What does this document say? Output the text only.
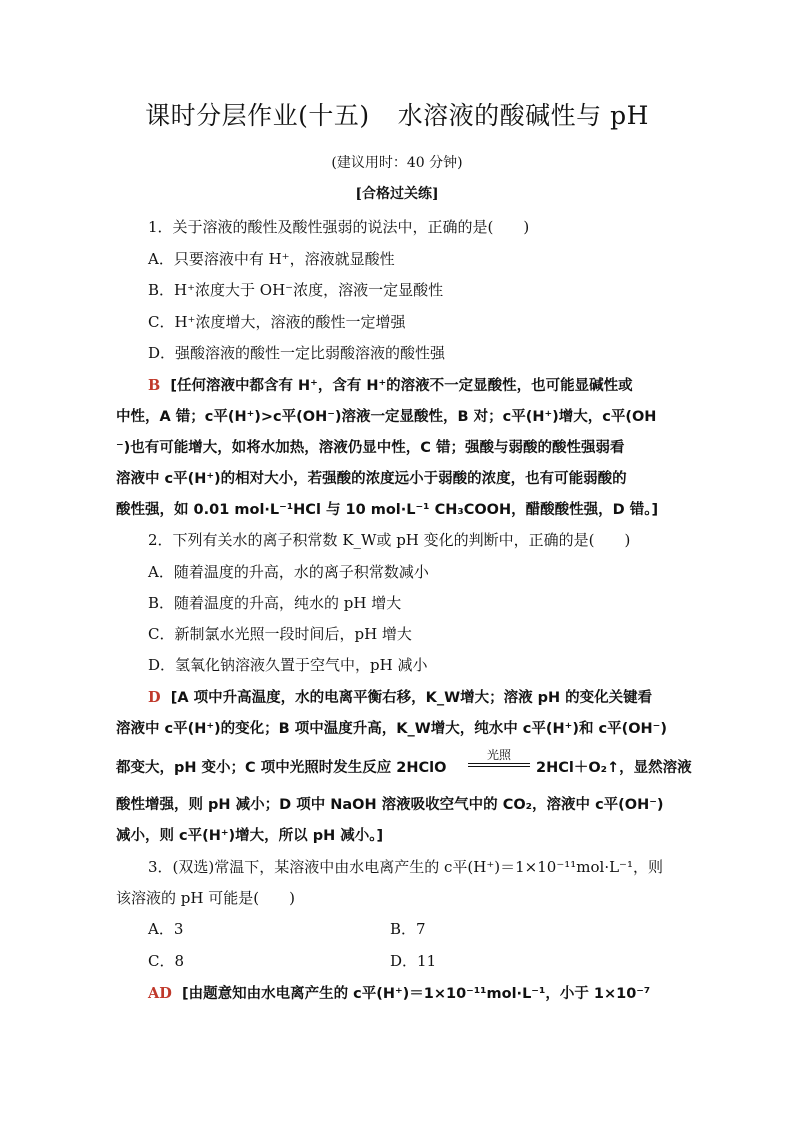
课时分层作业(十五) 水溶液的酸碱性与 pH
(建议用时：40 分钟)
[合格过关练]
1．关于溶液的酸性及酸性强弱的说法中，正确的是(　　)
A．只要溶液中有 H⁺，溶液就显酸性
B．H⁺浓度大于 OH⁻浓度，溶液一定显酸性
C．H⁺浓度增大，溶液的酸性一定增强
D．强酸溶液的酸性一定比弱酸溶液的酸性强
B [任何溶液中都含有 H⁺，含有 H⁺的溶液不一定显酸性，也可能显碱性或
中性，A 错；c平(H⁺)>c平(OH⁻)溶液一定显酸性，B 对；c平(H⁺)增大，c平(OH
⁻)也有可能增大，如将水加热，溶液仍显中性，C 错；强酸与弱酸的酸性强弱看
溶液中 c平(H⁺)的相对大小，若强酸的浓度远小于弱酸的浓度，也有可能弱酸的
酸性强，如 0.01 mol·L⁻¹HCl 与 10 mol·L⁻¹ CH₃COOH，醋酸酸性强，D 错。]
2．下列有关水的离子积常数 K_W或 pH 变化的判断中，正确的是(　　)
A．随着温度的升高，水的离子积常数减小
B．随着温度的升高，纯水的 pH 增大
C．新制氯水光照一段时间后，pH 增大
D．氢氧化钠溶液久置于空气中，pH 减小
D [A 项中升高温度，水的电离平衡右移，K_W增大；溶液 pH 的变化关键看
溶液中 c平(H⁺)的变化；B 项中温度升高，K_W增大，纯水中 c平(H⁺)和 c平(OH⁻)
都变大，pH 变小；C 项中光照时发生反应 2HClO
光照
2HCl＋O₂↑，显然溶液
酸性增强，则 pH 减小；D 项中 NaOH 溶液吸收空气中的 CO₂，溶液中 c平(OH⁻)
减小，则 c平(H⁺)增大，所以 pH 减小。]
3．(双选)常温下，某溶液中由水电离产生的 c平(H⁺)＝1×10⁻¹¹mol·L⁻¹，则
该溶液的 pH 可能是(　　)
A．3	B．7
C．8	D．11
AD [由题意知由水电离产生的 c平(H⁺)＝1×10⁻¹¹mol·L⁻¹，小于 1×10⁻⁷
